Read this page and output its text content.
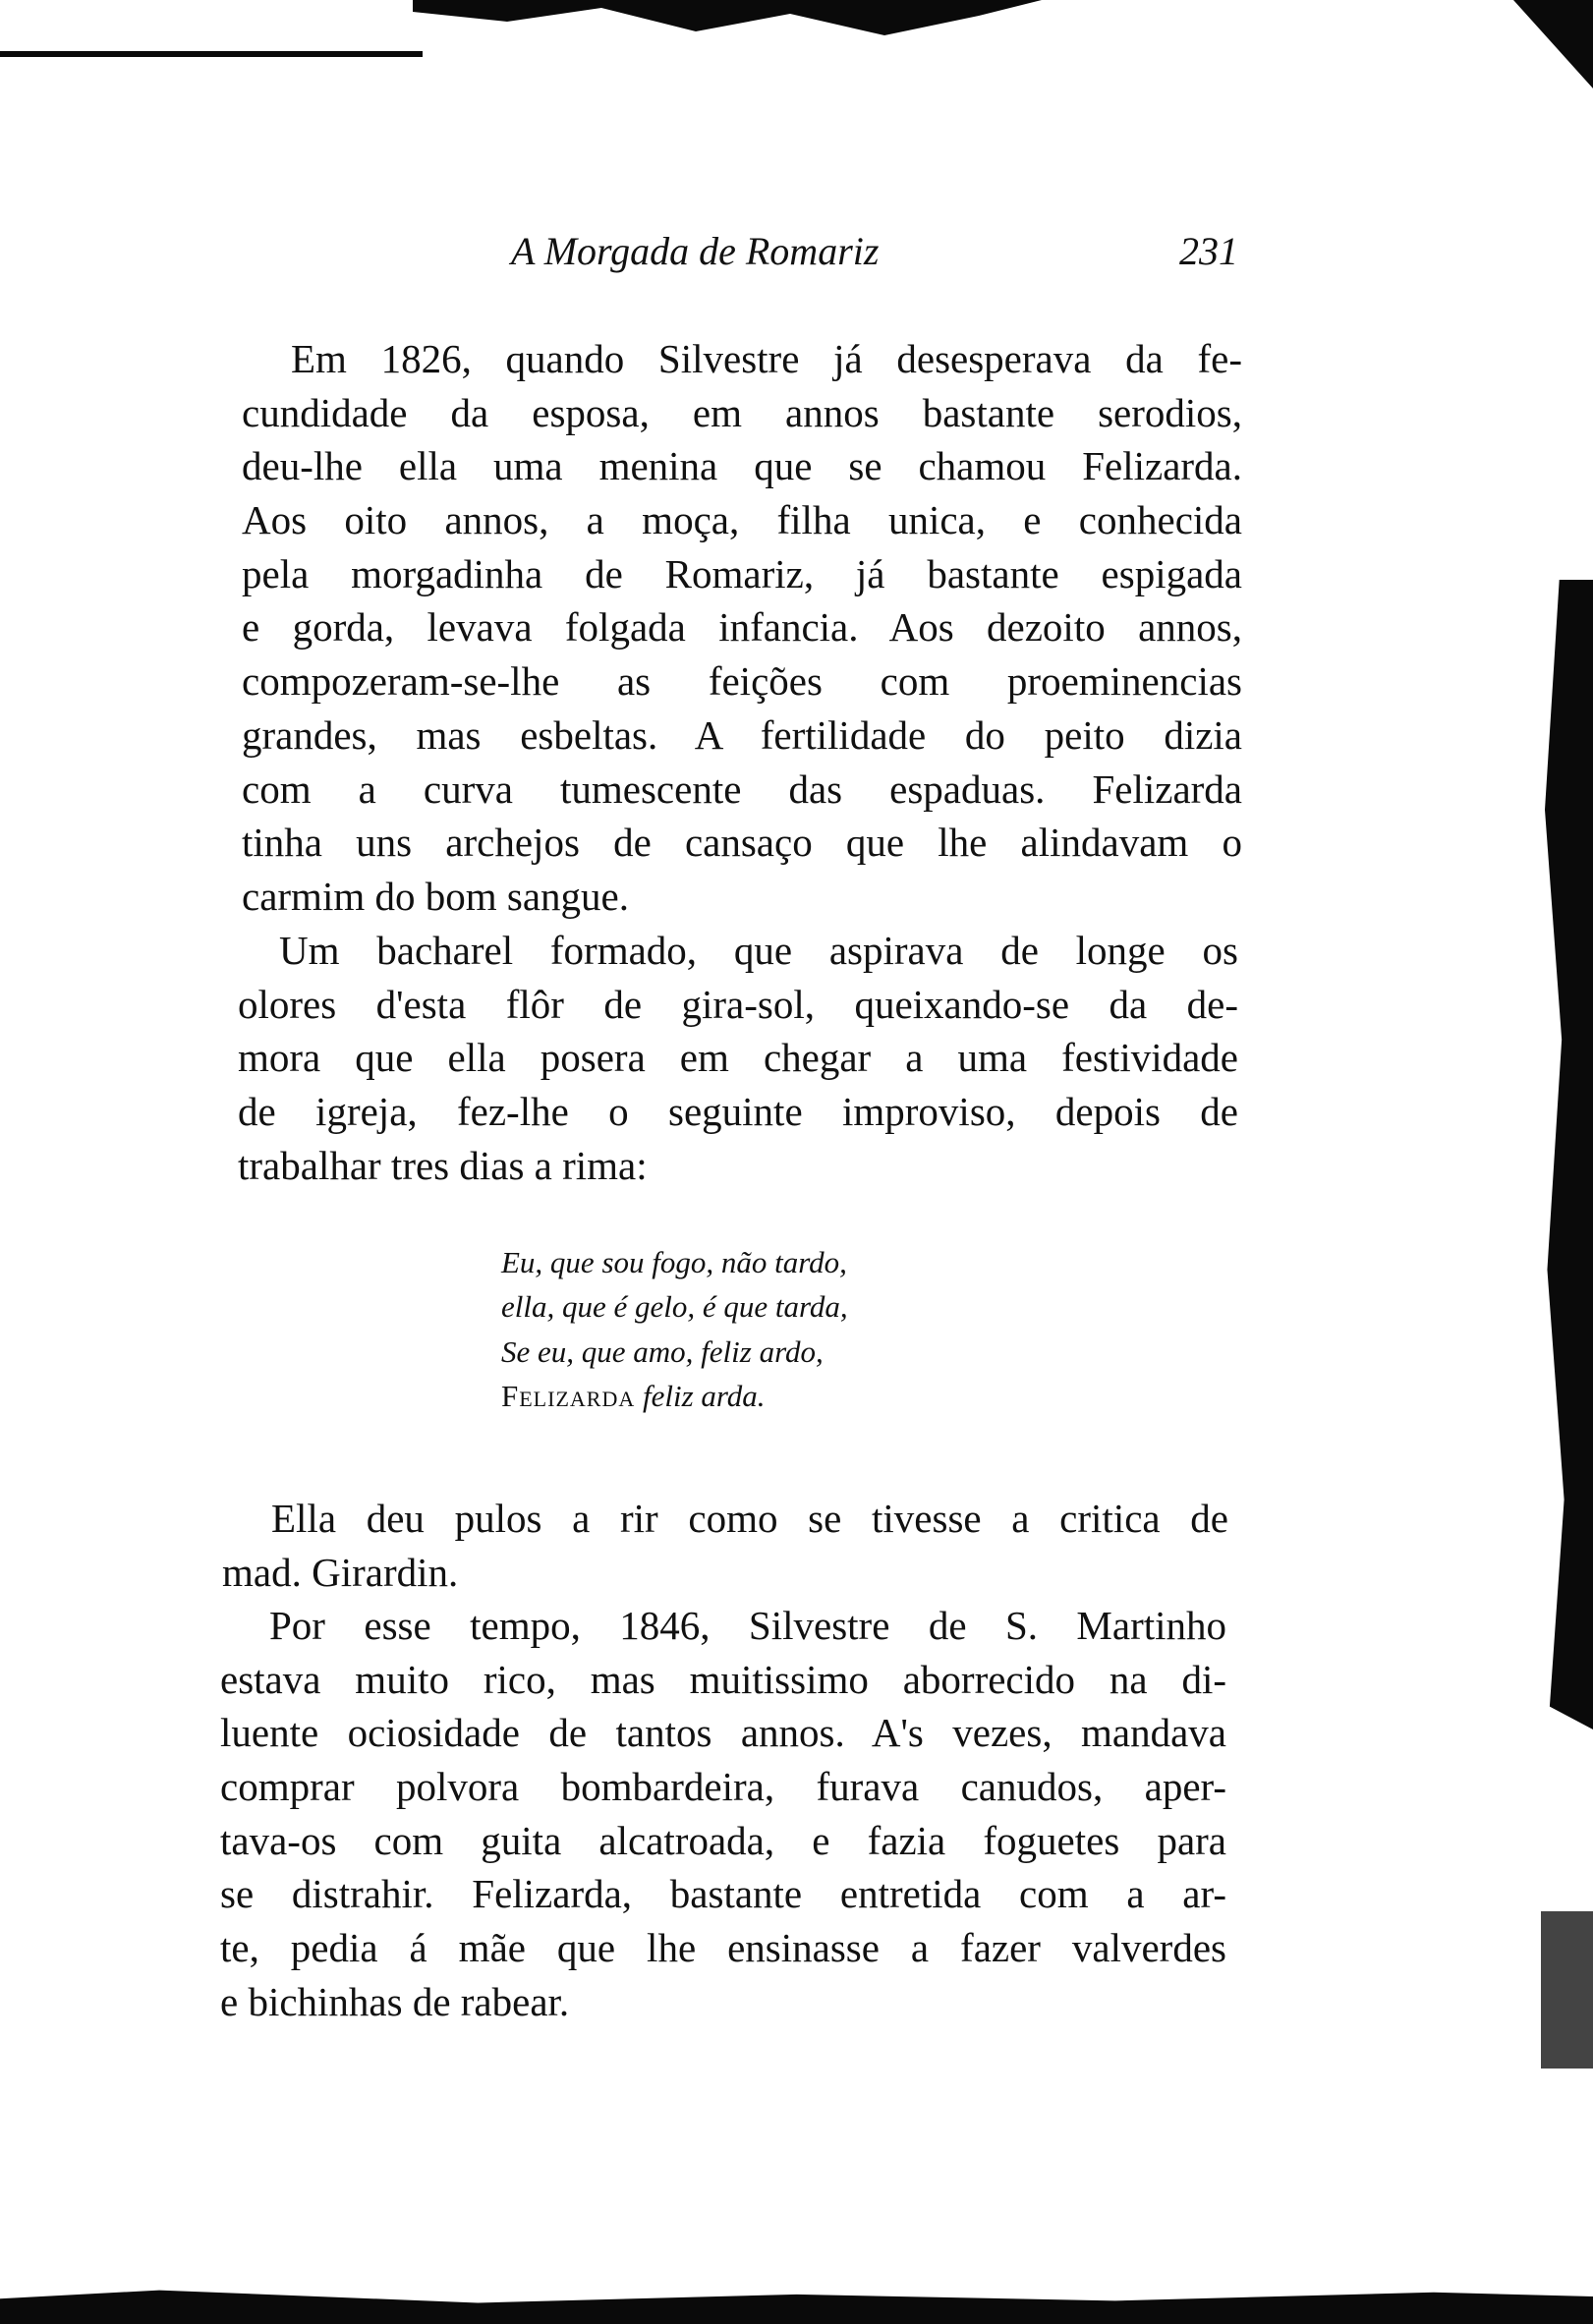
A Morgada de Romariz	231
Em 1826, quando Silvestre já desesperava da fe-
cundidade da esposa, em annos bastante serodios,
deu-lhe ella uma menina que se chamou Felizarda.
Aos oito annos, a moça, filha unica, e conhecida
pela morgadinha de Romariz, já bastante espigada
e gorda, levava folgada infancia. Aos dezoito annos,
compozeram-se-lhe as feições com proeminencias
grandes, mas esbeltas. A fertilidade do peito dizia
com a curva tumescente das espaduas. Felizarda
tinha uns archejos de cansaço que lhe alindavam o
carmim do bom sangue.
Um bacharel formado, que aspirava de longe os
olores d'esta flôr de gira-sol, queixando-se da de-
mora que ella posera em chegar a uma festividade
de igreja, fez-lhe o seguinte improviso, depois de
trabalhar tres dias a rima:
Eu, que sou fogo, não tardo,
ella, que é gelo, é que tarda,
Se eu, que amo, feliz ardo,
Felizarda feliz arda.
Ella deu pulos a rir como se tivesse a critica de
mad. Girardin.
Por esse tempo, 1846, Silvestre de S. Martinho
estava muito rico, mas muitissimo aborrecido na di-
luente ociosidade de tantos annos. A's vezes, mandava
comprar polvora bombardeira, furava canudos, aper-
tava-os com guita alcatroada, e fazia foguetes para
se distrahir. Felizarda, bastante entretida com a ar-
te, pedia á mãe que lhe ensinasse a fazer valverdes
e bichinhas de rabear.
